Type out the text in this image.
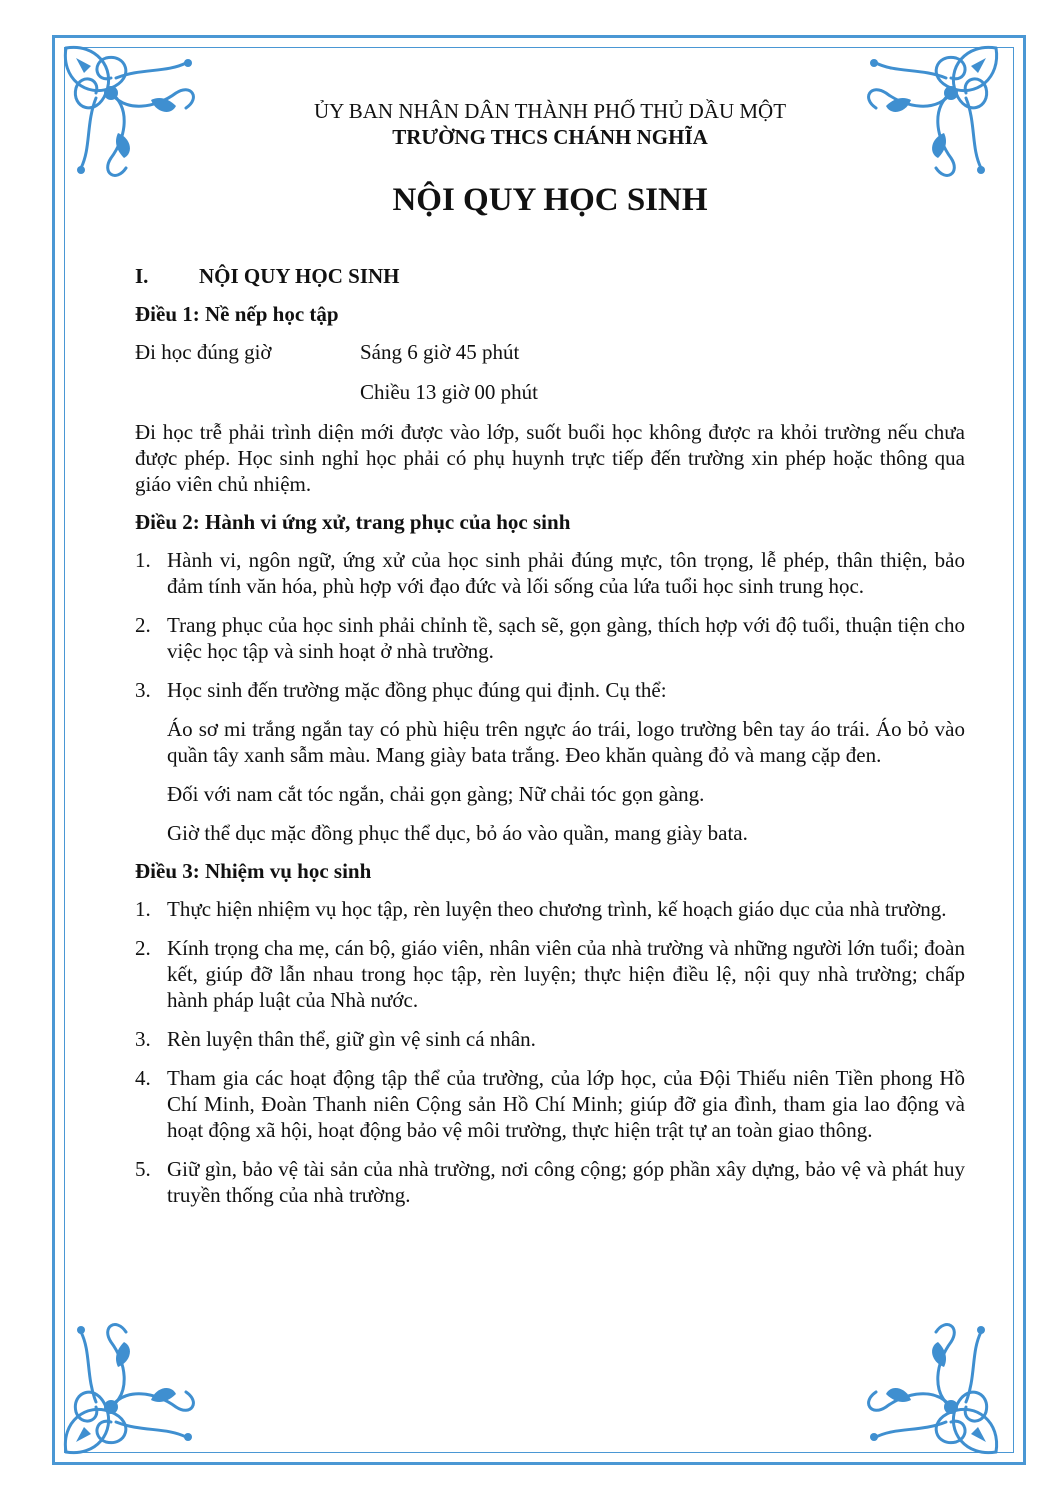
ỦY BAN NHÂN DÂN THÀNH PHỐ THỦ DẦU MỘT
TRƯỜNG THCS CHÁNH NGHĨA
NỘI QUY HỌC SINH
I.	NỘI QUY HỌC SINH
Điều 1: Nề nếp học tập
Đi học đúng giờ	Sáng 6 giờ 45 phút
Chiều 13 giờ 00 phút

Đi học trễ phải trình diện mới được vào lớp, suốt buổi học không được ra khỏi trường nếu chưa được phép. Học sinh nghỉ học phải có phụ huynh trực tiếp đến trường xin phép hoặc thông qua giáo viên chủ nhiệm.

Điều 2: Hành vi ứng xử, trang phục của học sinh
1. Hành vi, ngôn ngữ, ứng xử của học sinh phải đúng mực, tôn trọng, lễ phép, thân thiện, bảo đảm tính văn hóa, phù hợp với đạo đức và lối sống của lứa tuổi học sinh trung học.
2. Trang phục của học sinh phải chỉnh tề, sạch sẽ, gọn gàng, thích hợp với độ tuổi, thuận tiện cho việc học tập và sinh hoạt ở nhà trường.
3. Học sinh đến trường mặc đồng phục đúng qui định. Cụ thể:
Áo sơ mi trắng ngắn tay có phù hiệu trên ngực áo trái, logo trường bên tay áo trái. Áo bỏ vào quần tây xanh sẫm màu. Mang giày bata trắng. Đeo khăn quàng đỏ và mang cặp đen.
Đối với nam cắt tóc ngắn, chải gọn gàng; Nữ chải tóc gọn gàng.
Giờ thể dục mặc đồng phục thể dục, bỏ áo vào quần, mang giày bata.
Điều 3: Nhiệm vụ học sinh
1. Thực hiện nhiệm vụ học tập, rèn luyện theo chương trình, kế hoạch giáo dục của nhà trường.
2. Kính trọng cha mẹ, cán bộ, giáo viên, nhân viên của nhà trường và những người lớn tuổi; đoàn kết, giúp đỡ lẫn nhau trong học tập, rèn luyện; thực hiện điều lệ, nội quy nhà trường; chấp hành pháp luật của Nhà nước.
3. Rèn luyện thân thể, giữ gìn vệ sinh cá nhân.
4. Tham gia các hoạt động tập thể của trường, của lớp học, của Đội Thiếu niên Tiền phong Hồ Chí Minh, Đoàn Thanh niên Cộng sản Hồ Chí Minh; giúp đỡ gia đình, tham gia lao động và hoạt động xã hội, hoạt động bảo vệ môi trường, thực hiện trật tự an toàn giao thông.
5. Giữ gìn, bảo vệ tài sản của nhà trường, nơi công cộng; góp phần xây dựng, bảo vệ và phát huy truyền thống của nhà trường.
